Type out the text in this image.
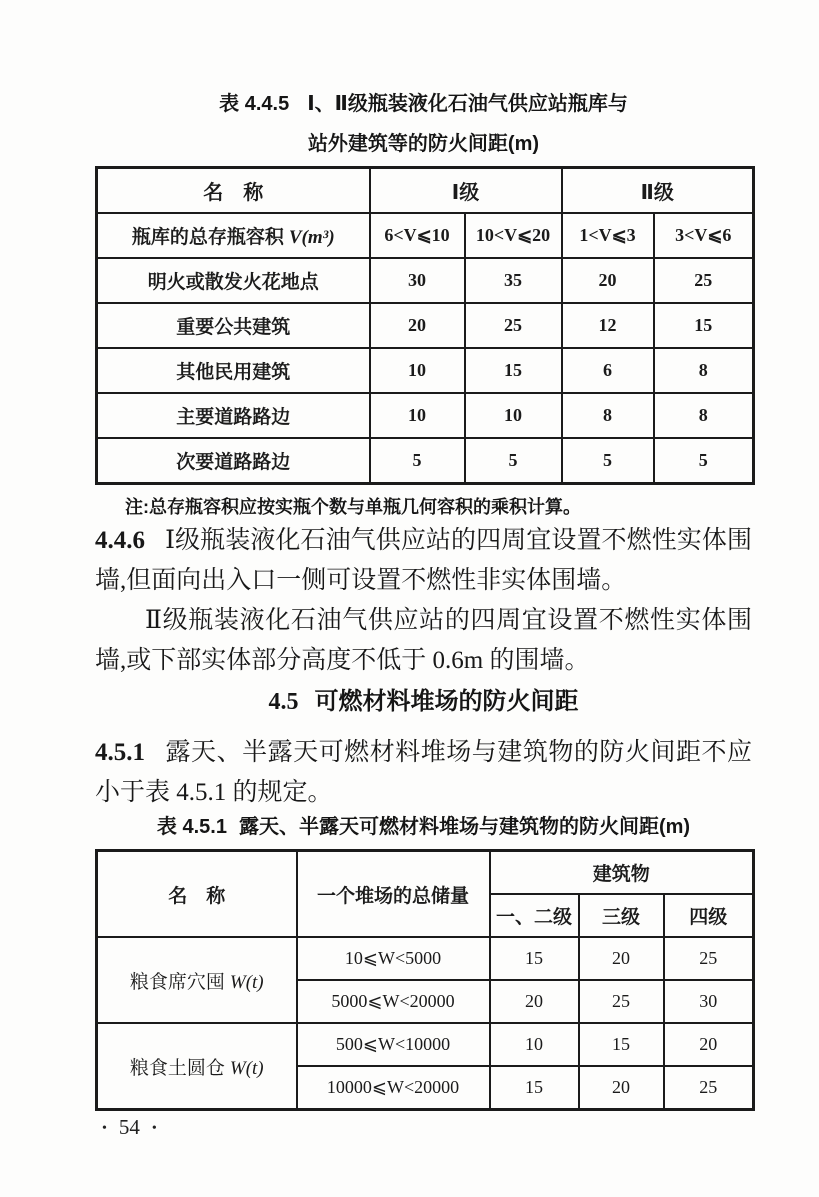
表 4.4.5 Ⅰ、Ⅱ级瓶装液化石油气供应站瓶库与
站外建筑等的防火间距(m)
名　称	Ⅰ级		Ⅱ级	
瓶库的总存瓶容积 V(m³)	6<V⩽10	10<V⩽20	1<V⩽3	3<V⩽6
明火或散发火花地点	30	35	20	25
重要公共建筑	20	25	12	15
其他民用建筑	10	15	6	8
主要道路路边	10	10	8	8
次要道路路边	5	5	5	5
注:总存瓶容积应按实瓶个数与单瓶几何容积的乘积计算。
4.4.6 Ⅰ级瓶装液化石油气供应站的四周宜设置不燃性实体围墙,但面向出入口一侧可设置不燃性非实体围墙。
Ⅱ级瓶装液化石油气供应站的四周宜设置不燃性实体围墙,或下部实体部分高度不低于 0.6m 的围墙。
4.5 可燃材料堆场的防火间距
4.5.1 露天、半露天可燃材料堆场与建筑物的防火间距不应小于表 4.5.1 的规定。
表 4.5.1 露天、半露天可燃材料堆场与建筑物的防火间距(m)
名　称	一个堆场的总储量	建筑物		
		一、二级	三级	四级
粮食席穴囤 W(t)	10⩽W<5000	15	20	25
	5000⩽W<20000	20	25	30
粮食土圆仓 W(t)	500⩽W<10000	10	15	20
	10000⩽W<20000	15	20	25
• 54 •
